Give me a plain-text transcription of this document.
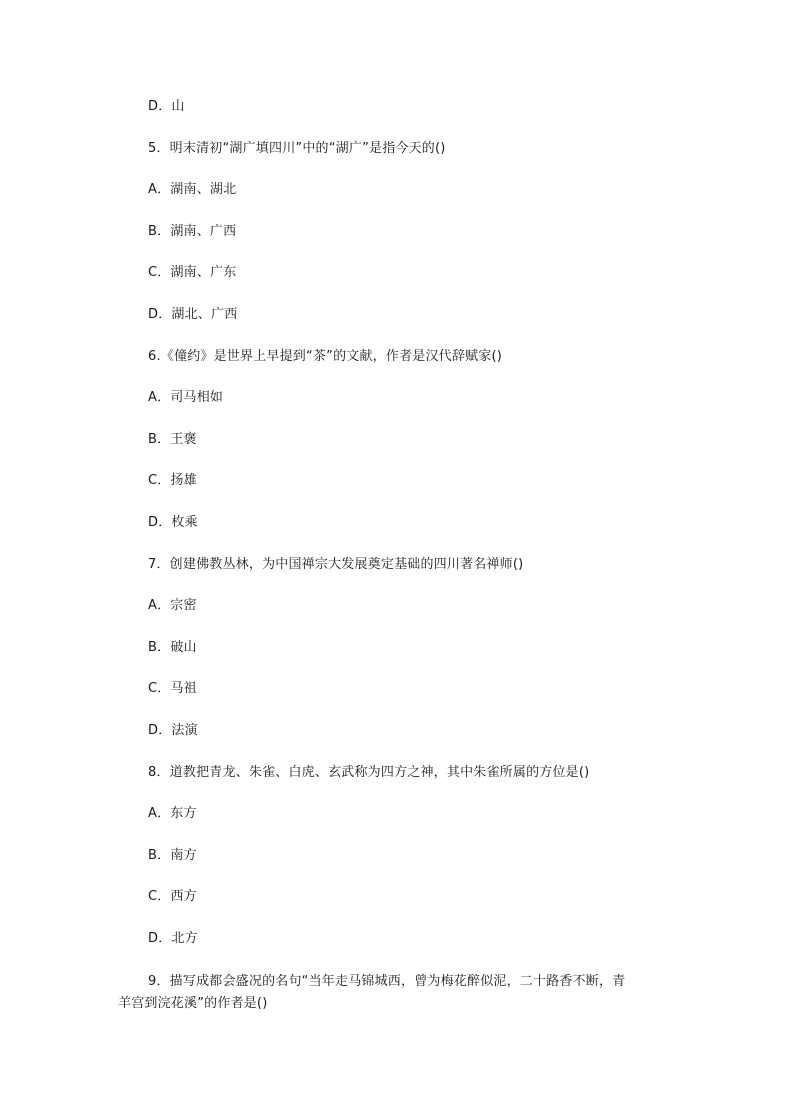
D．山
5．明末清初“湖广填四川”中的“湖广”是指今天的()
A．湖南、湖北
B．湖南、广西
C．湖南、广东
D．湖北、广西
6.《僮约》是世界上早提到“茶”的文献，作者是汉代辞赋家()
A．司马相如
B．王褒
C．扬雄
D．枚乘
7．创建佛教丛林，为中国禅宗大发展奠定基础的四川著名禅师()
A．宗密
B．破山
C．马祖
D．法演
8．道教把青龙、朱雀、白虎、玄武称为四方之神，其中朱雀所属的方位是()
A．东方
B．南方
C．西方
D．北方
9．描写成都会盛况的名句“当年走马锦城西，曾为梅花醉似泥，二十路香不断，青
羊宫到浣花溪”的作者是()
